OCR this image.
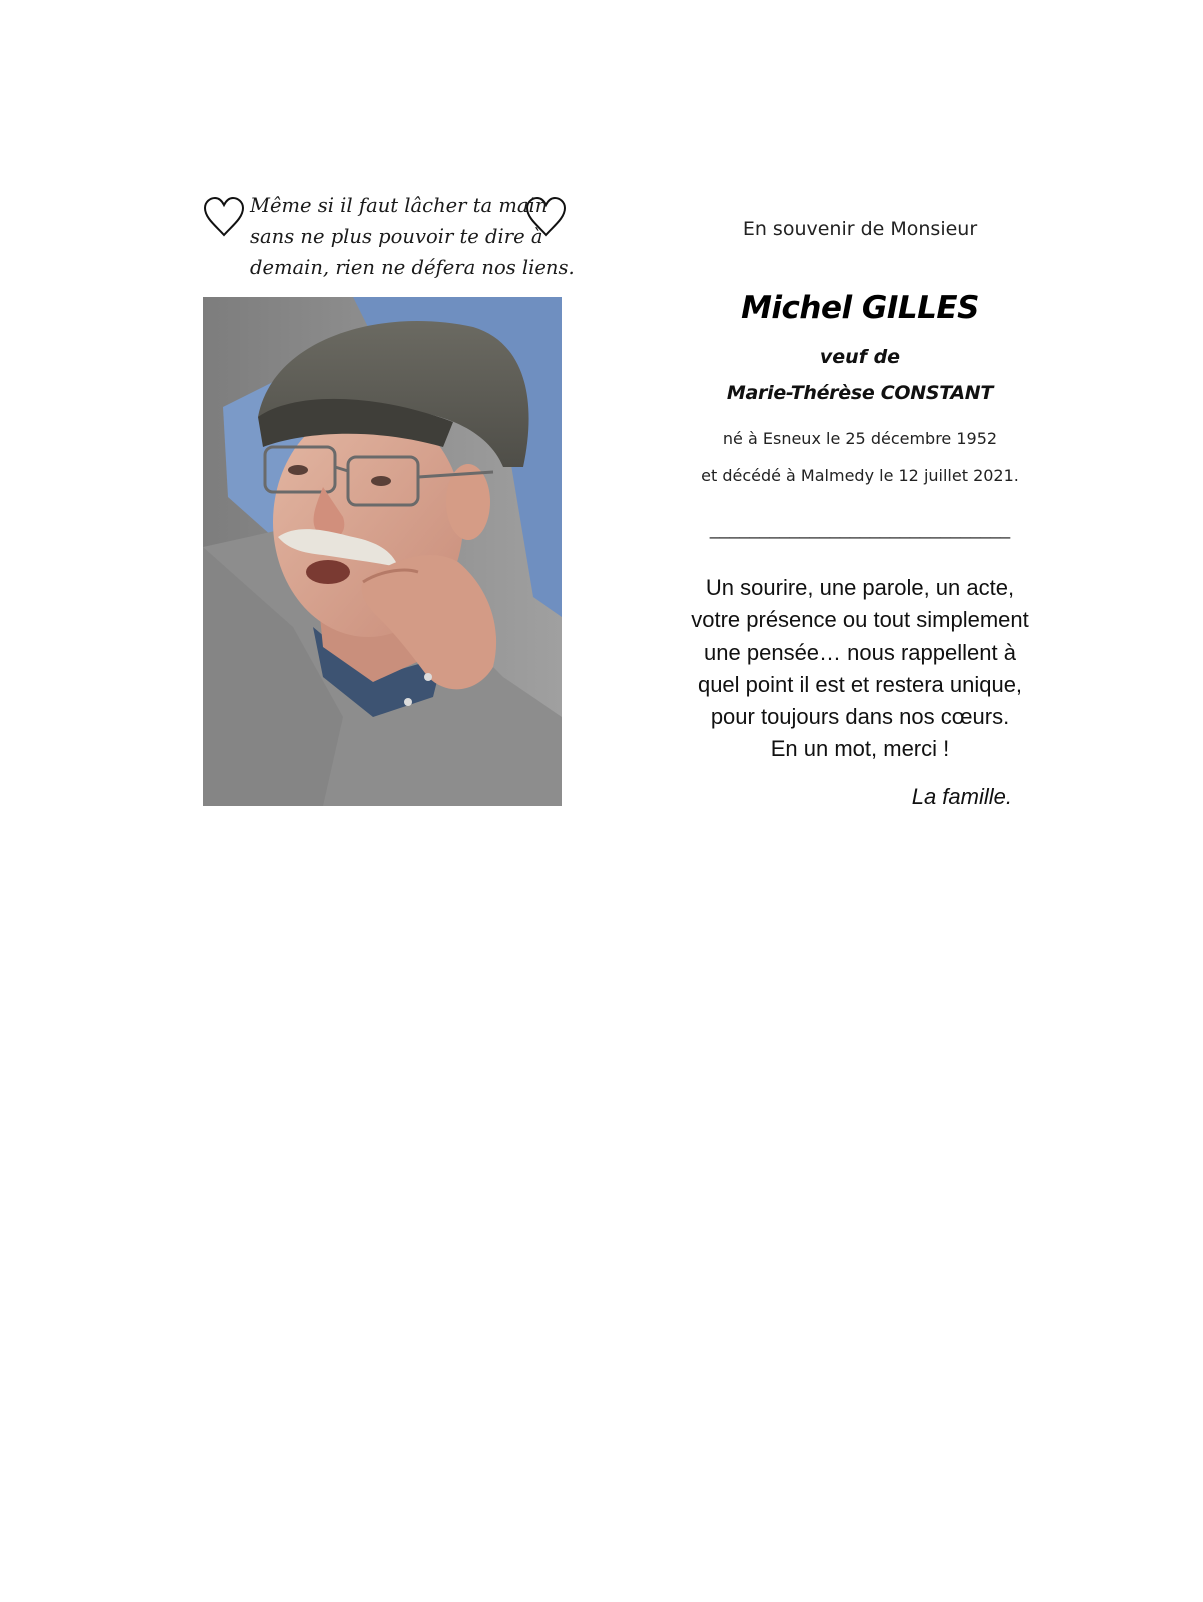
Même si il faut lâcher ta main
sans ne plus pouvoir te dire à
demain, rien ne défera nos liens.
En souvenir de Monsieur
Michel GILLES
veuf de
Marie-Thérèse CONSTANT
né à Esneux le 25 décembre 1952
et décédé à Malmedy le 12 juillet 2021.
______________________________
Un sourire, une parole, un acte,
votre présence ou tout simplement
une pensée… nous rappellent à
quel point il est et restera unique,
pour toujours dans nos cœurs.
En un mot, merci !
La famille.
